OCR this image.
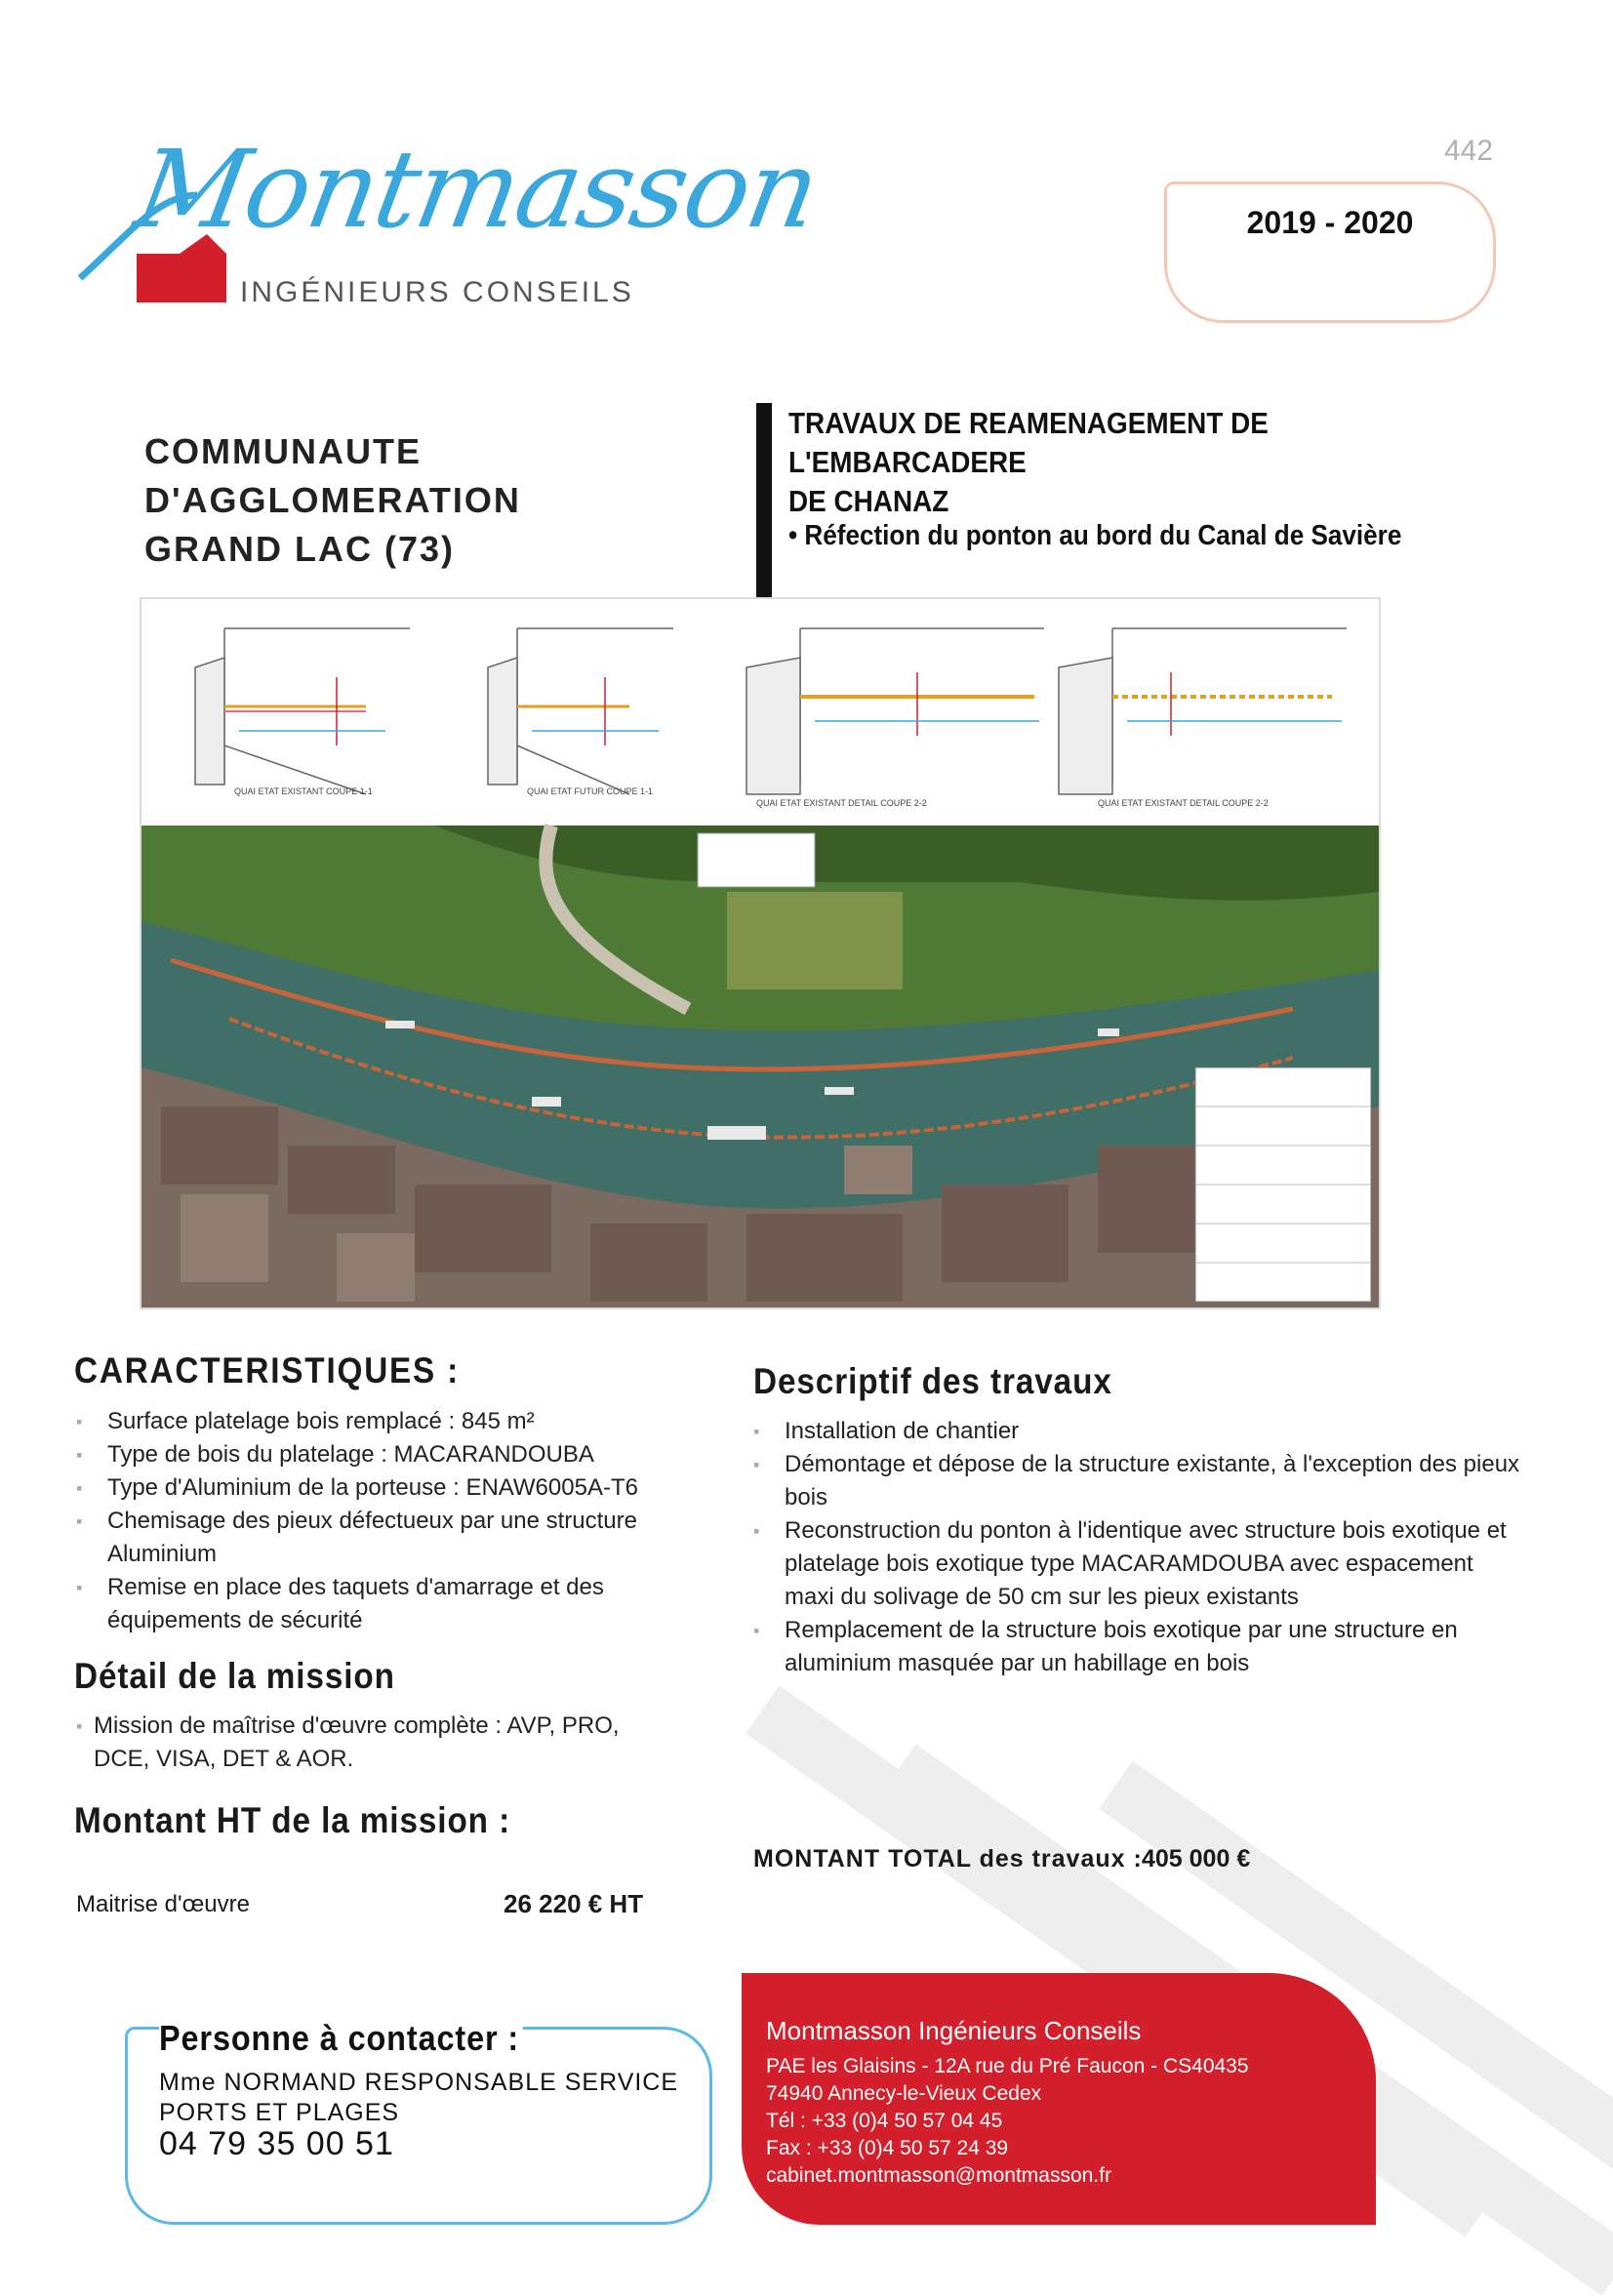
442
2019 - 2020
Montmasson
INGÉNIEURS CONSEILS
COMMUNAUTE
D'AGGLOMERATION
GRAND LAC (73)
TRAVAUX DE REAMENAGEMENT DE L'EMBARCADERE
DE CHANAZ
• Réfection du ponton au bord du Canal de Savière
QUAI ETAT EXISTANT COUPE 1-1	QUAI ETAT FUTUR COUPE 1-1
QUAI ETAT EXISTANT DETAIL COUPE 2-2	QUAI ETAT EXISTANT DETAIL COUPE 2-2
CARACTERISTIQUES :
▪ Surface platelage bois remplacé : 845 m²
▪ Type de bois du platelage : MACARANDOUBA
▪ Type d'Aluminium de la porteuse : ENAW6005A-T6
▪ Chemisage des pieux défectueux par une structure Aluminium
▪ Remise en place des taquets d'amarrage et des équipements de sécurité
Descriptif des travaux
▪ Installation de chantier
▪ Démontage et dépose de la structure existante, à l'exception des pieux bois
▪ Reconstruction du ponton à l'identique avec structure bois exotique et platelage bois exotique type MACARAMDOUBA avec espacement maxi du solivage de 50 cm sur les pieux existants
▪ Remplacement de la structure bois exotique par une structure en aluminium masquée par un habillage en bois
Détail de la mission
▪ Mission de maîtrise d'œuvre complète : AVP, PRO, DCE, VISA, DET & AOR.
Montant HT de la mission :
Maitrise d'œuvre	26 220 € HT
MONTANT TOTAL des travaux : 405 000 €
Personne à contacter :
Mme NORMAND RESPONSABLE SERVICE
PORTS ET PLAGES
04 79 35 00 51
Montmasson Ingénieurs Conseils
PAE les Glaisins - 12A rue du Pré Faucon - CS40435
74940 Annecy-le-Vieux Cedex
Tél : +33 (0)4 50 57 04 45
Fax : +33 (0)4 50 57 24 39
cabinet.montmasson@montmasson.fr
